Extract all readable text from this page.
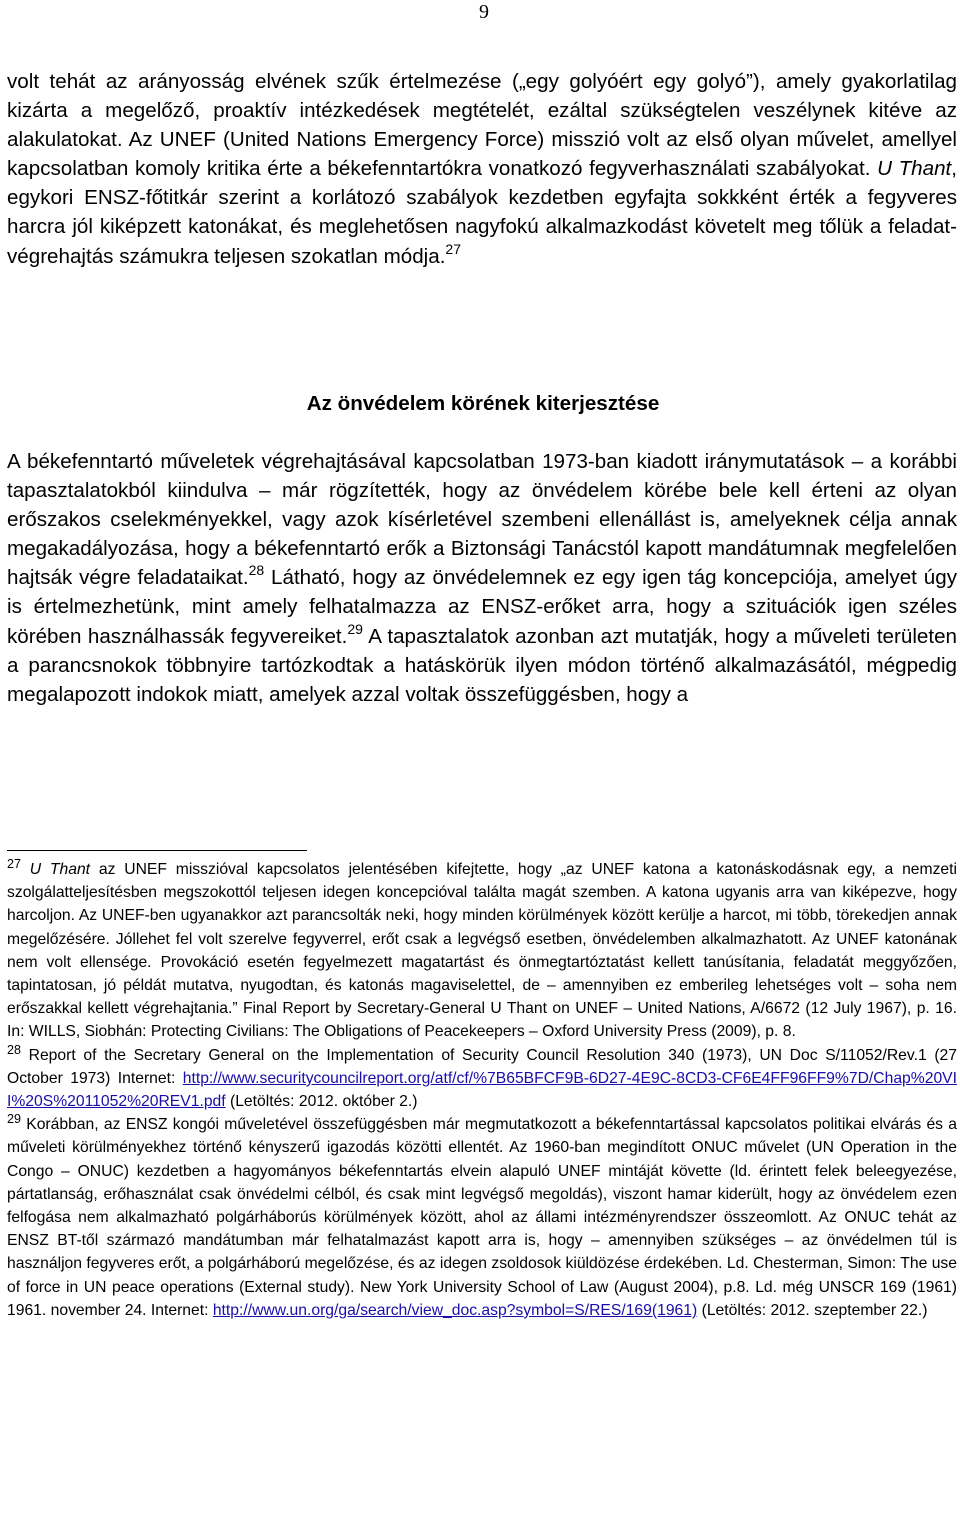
9

volt tehát az arányosság elvének szűk értelmezése („egy golyóért egy golyó”), amely gyakorlatilag kizárta a megelőző, proaktív intézkedések megtételét, ezáltal szükségtelen veszélynek kitéve az alakulatokat. Az UNEF (United Nations Emergency Force) misszió volt az első olyan művelet, amellyel kapcsolatban komoly kritika érte a békefenntartókra vonatkozó fegyverhasználati szabályokat. U Thant, egykori ENSZ-főtitkár szerint a korlátozó szabályok kezdetben egyfajta sokkként érték a fegyveres harcra jól kiképzett katonákat, és meglehetősen nagyfokú alkalmazkodást követelt meg tőlük a feladat-végrehajtás számukra teljesen szokatlan módja.$^{27}$

Az önvédelem körének kiterjesztése

A békefenntartó műveletek végrehajtásával kapcsolatban 1973-ban kiadott iránymutatások – a korábbi tapasztalatokból kiindulva – már rögzítették, hogy az önvédelem körébe bele kell érteni az olyan erőszakos cselekményekkel, vagy azok kísérletével szembeni ellenállást is, amelyeknek célja annak megakadályozása, hogy a békefenntartó erők a Biztonsági Tanácstól kapott mandátumnak megfelelően hajtsák végre feladataikat.$^{28}$ Látható, hogy az önvédelemnek ez egy igen tág koncepciója, amelyet úgy is értelmezhetünk, mint amely felhatalmazza az ENSZ-erőket arra, hogy a szituációk igen széles körében használhassák fegyvereiket.$^{29}$ A tapasztalatok azonban azt mutatják, hogy a műveleti területen a parancsnokok többnyire tartózkodtak a hatáskörük ilyen módon történő alkalmazásától, mégpedig megalapozott indokok miatt, amelyek azzal voltak összefüggésben, hogy a

$^{27}$ U Thant az UNEF misszióval kapcsolatos jelentésében kifejtette, hogy „az UNEF katona a katonáskodásnak egy, a nemzeti szolgálatteljesítésben megszokottól teljesen idegen koncepcióval találta magát szemben. A katona ugyanis arra van kiképezve, hogy harcoljon. Az UNEF-ben ugyanakkor azt parancsolták neki, hogy minden körülmények között kerülje a harcot, mi több, törekedjen annak megelőzésére. Jóllehet fel volt szerelve fegyverrel, erőt csak a legvégső esetben, önvédelemben alkalmazhatott. Az UNEF katonának nem volt ellensége. Provokáció esetén fegyelmezett magatartást és önmegtartóztatást kellett tanúsítania, feladatát meggyőzően, tapintatosan, jó példát mutatva, nyugodtan, és katonás magaviselettel, de – amennyiben ez emberileg lehetséges volt – soha nem erőszakkal kellett végrehajtania.” Final Report by Secretary-General U Thant on UNEF – United Nations, A/6672 (12 July 1967), p. 16. In: WILLS, Siobhán: Protecting Civilians: The Obligations of Peacekeepers – Oxford University Press (2009), p. 8.

$^{28}$ Report of the Secretary General on the Implementation of Security Council Resolution 340 (1973), UN Doc S/11052/Rev.1 (27 October 1973) Internet: http://www.securitycouncilreport.org/atf/cf/%7B65BFCF9B-6D27-4E9C-8CD3-CF6E4FF96FF9%7D/Chap%20VII%20S%2011052%20REV1.pdf (Letöltés: 2012. október 2.)

$^{29}$ Korábban, az ENSZ kongói műveletével összefüggésben már megmutatkozott a békefenntartással kapcsolatos politikai elvárás és a műveleti körülményekhez történő kényszerű igazodás közötti ellentét. Az 1960-ban megindított ONUC művelet (UN Operation in the Congo – ONUC) kezdetben a hagyományos békefenntartás elvein alapuló UNEF mintáját követte (ld. érintett felek beleegyezése, pártatlanság, erőhasználat csak önvédelmi célból, és csak mint legvégső megoldás), viszont hamar kiderült, hogy az önvédelem ezen felfogása nem alkalmazható polgárháborús körülmények között, ahol az állami intézményrendszer összeomlott. Az ONUC tehát az ENSZ BT-től származó mandátumban már felhatalmazást kapott arra is, hogy – amennyiben szükséges – az önvédelmen túl is használjon fegyveres erőt, a polgárháború megelőzése, és az idegen zsoldosok kiüldözése érdekében. Ld. Chesterman, Simon: The use of force in UN peace operations (External study). New York University School of Law (August 2004), p.8. Ld. még UNSCR 169 (1961) 1961. november 24. Internet: http://www.un.org/ga/search/view_doc.asp?symbol=S/RES/169(1961) (Letöltés: 2012. szeptember 22.)
